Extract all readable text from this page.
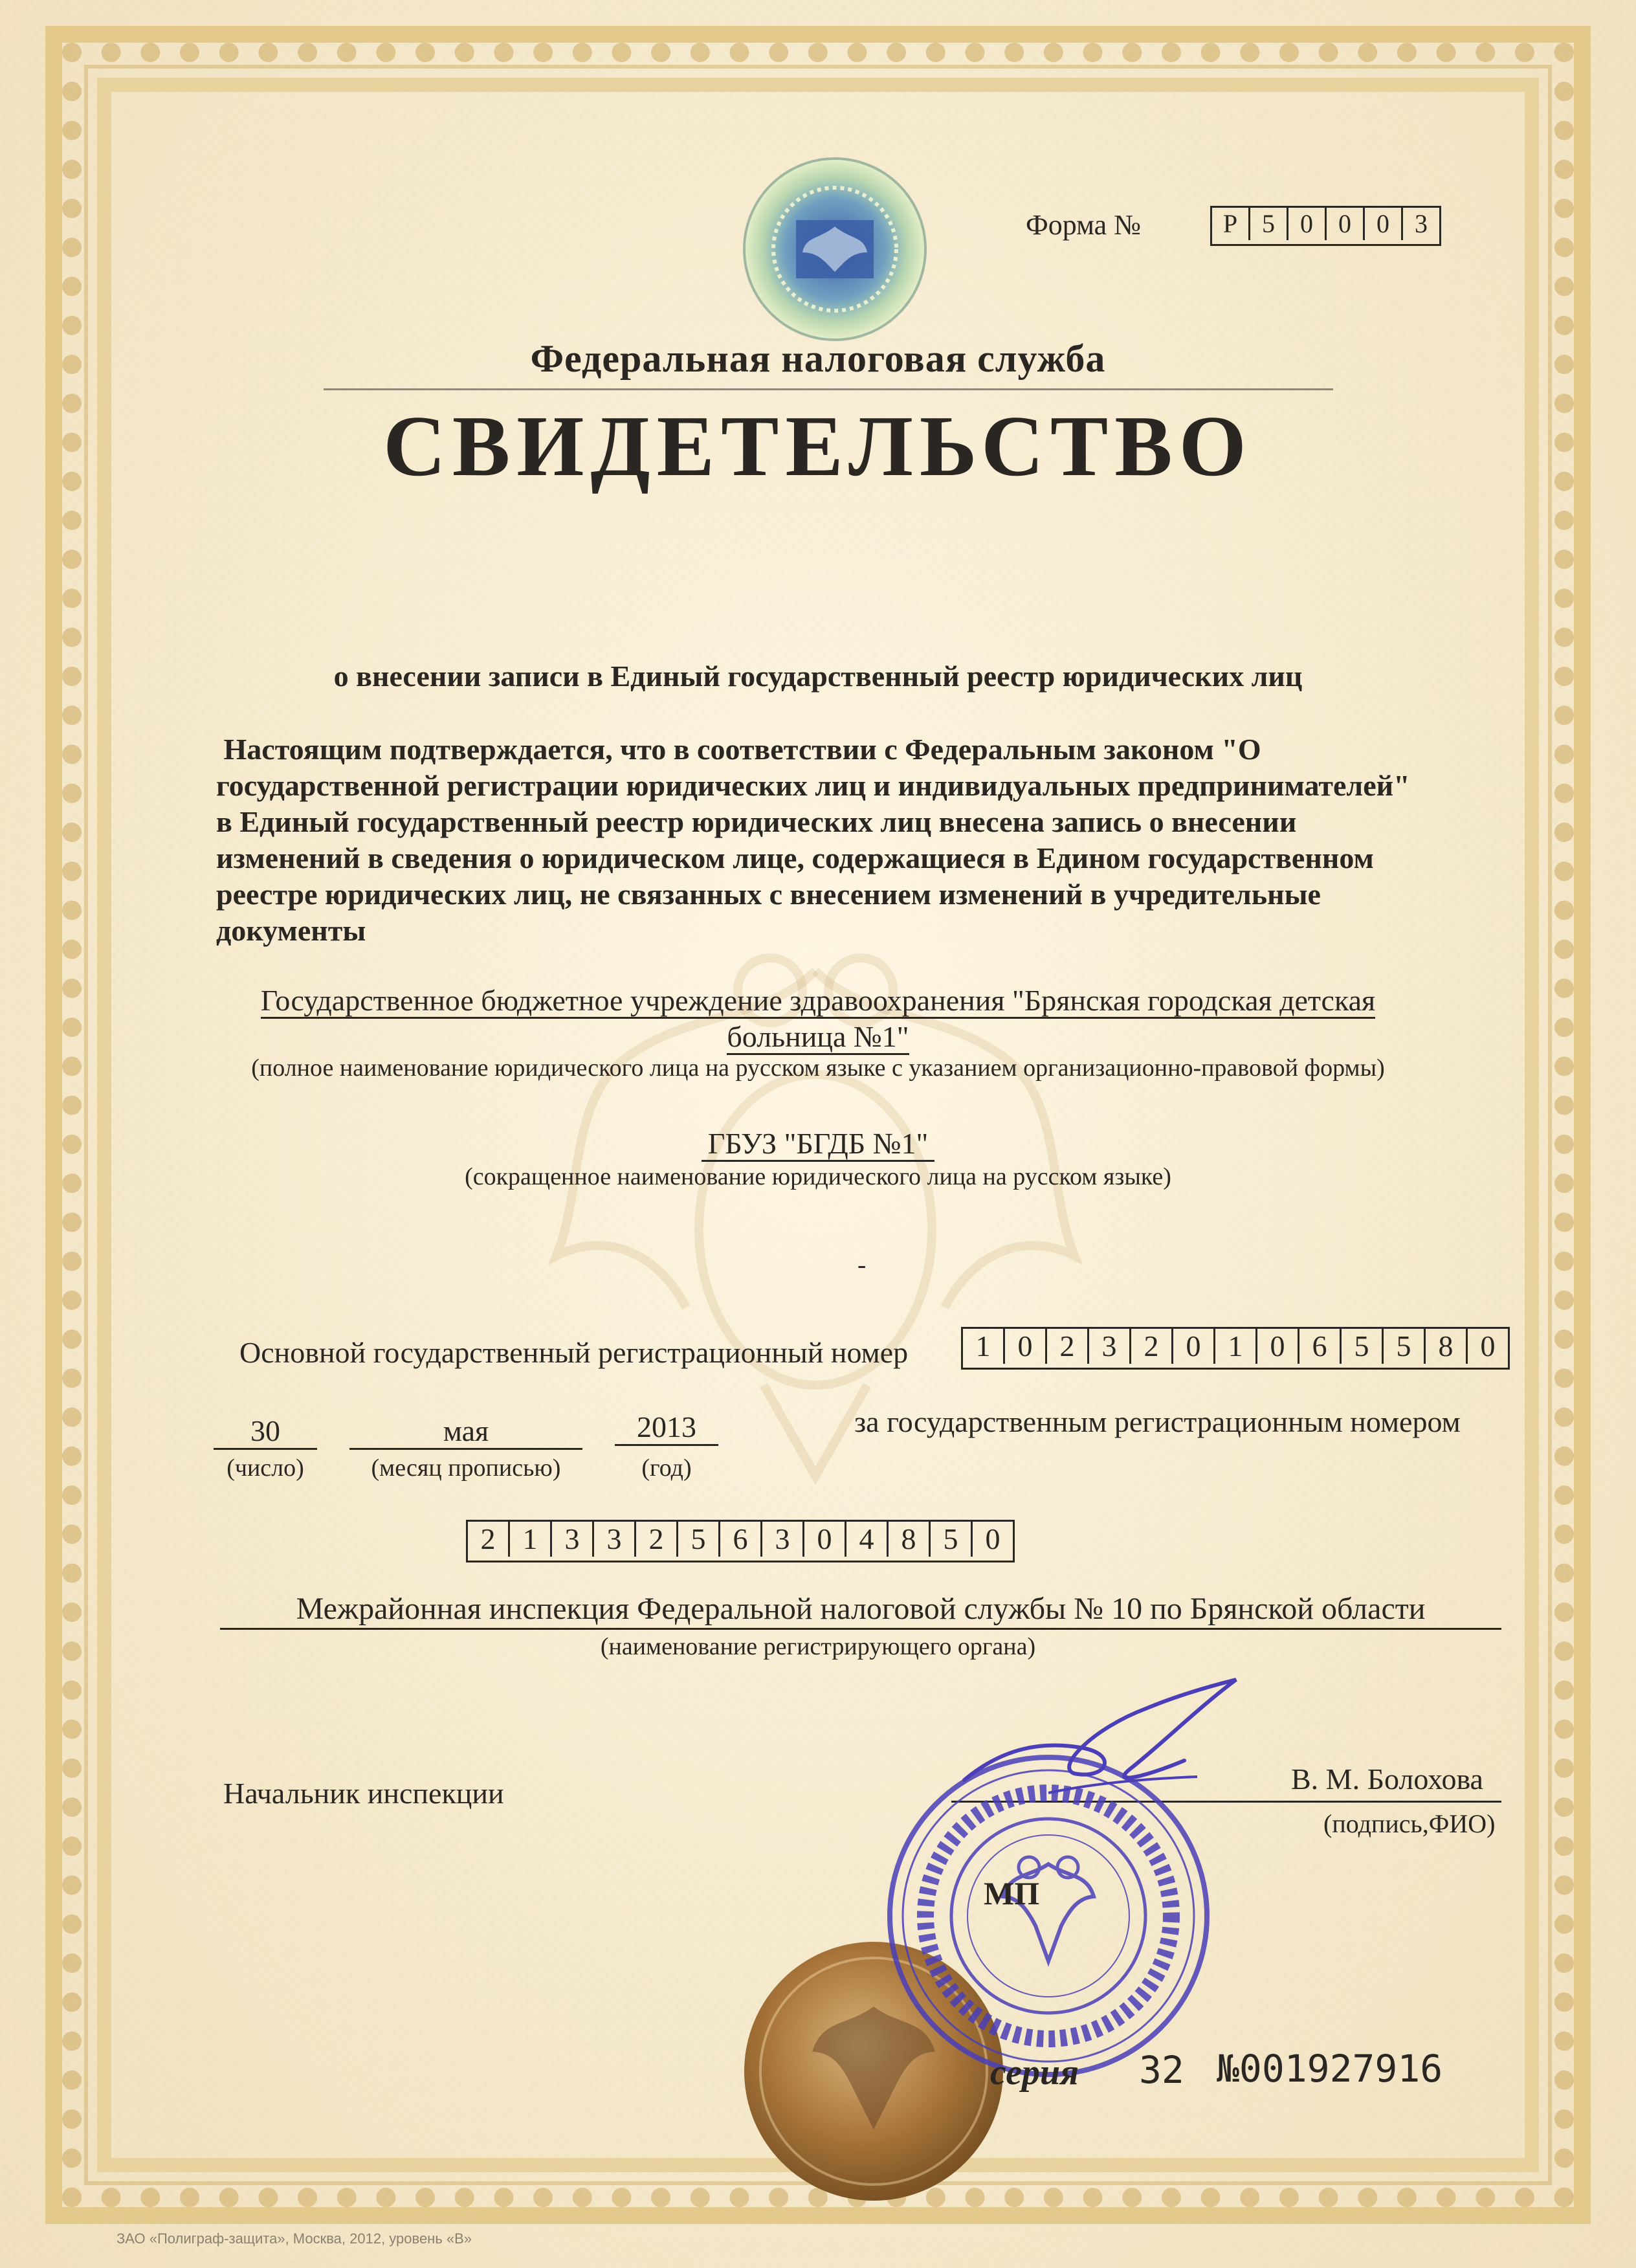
Форма №	Р 5 0 0 0 3
Федеральная налоговая служба
СВИДЕТЕЛЬСТВО
о внесении записи в Единый государственный реестр юридических лиц
Настоящим подтверждается, что в соответствии с Федеральным законом "О
государственной регистрации юридических лиц и индивидуальных предпринимателей"
в Единый государственный реестр юридических лиц внесена запись о внесении
изменений в сведения о юридическом лице, содержащиеся в Едином государственном
реестре юридических лиц, не связанных с внесением изменений в учредительные
документы
Государственное бюджетное учреждение здравоохранения "Брянская городская детская
больница №1"
(полное наименование юридического лица на русском языке с указанием организационно-правовой формы)
ГБУЗ "БГДБ №1"
(сокращенное наименование юридического лица на русском языке)
-
Основной государственный регистрационный номер	1 0 2 3 2 0 1 0 6 5 5 8 0
30
(число)
мая
(месяц прописью)
2013
(год)
за государственным регистрационным номером
2 1 3 3 2 5 6 3 0 4 8 5 0
Межрайонная инспекция Федеральной налоговой службы № 10 по Брянской области
(наименование регистрирующего органа)
Начальник инспекции	В. М. Болохова
(подпись,ФИО)
МП
серия 32 №001927916
ЗАО «Полиграф-защита», Москва, 2012, уровень «В»
